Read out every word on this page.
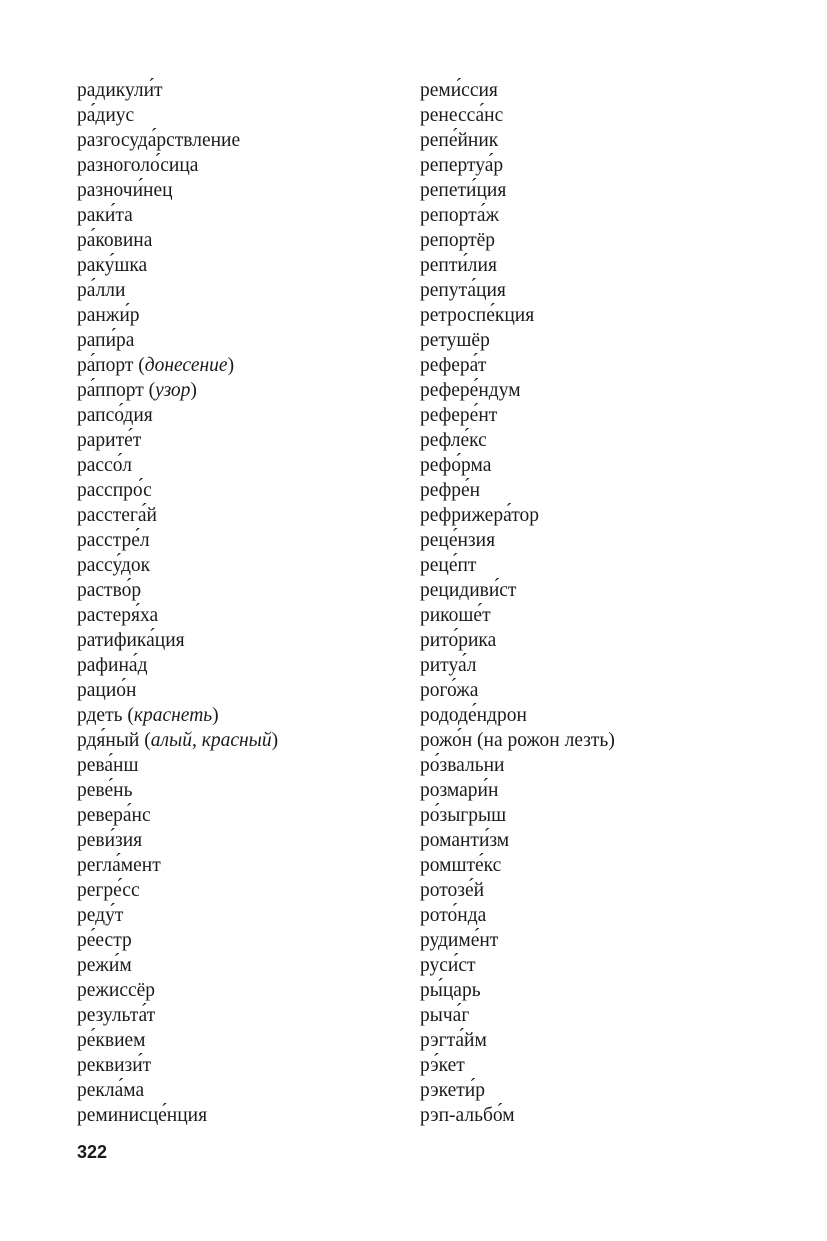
радикули́т
ра́диус
разгосуда́рствление
разноголо́сица
разночи́нец
раки́та
ра́ковина
раку́шка
ра́лли
ранжи́р
рапи́ра
ра́порт (донесение)
ра́ппорт (узор)
рапсо́дия
рарите́т
рассо́л
расспро́с
расстега́й
расстре́л
рассу́док
раство́р
растеря́ха
ратифика́ция
рафина́д
рацио́н
рдеть (краснеть)
рдя́ный (алый, красный)
рева́нш
реве́нь
ревера́нс
реви́зия
регла́мент
регре́сс
реду́т
ре́естр
режи́м
режиссёр
результа́т
ре́квием
реквизи́т
рекла́ма
реминисце́нция
реми́ссия
ренесса́нс
репе́йник
репертуа́р
репети́ция
репорта́ж
репортёр
репти́лия
репута́ция
ретроспе́кция
ретушёр
рефера́т
рефере́ндум
рефере́нт
рефле́кс
рефо́рма
рефре́н
рефрижера́тор
реце́нзия
реце́пт
рецидиви́ст
рикоше́т
рито́рика
ритуа́л
рого́жа
рододе́ндрон
рожо́н (на рожон лезть)
ро́звальни
розмари́н
ро́зыгрыш
романти́зм
ромште́кс
ротозе́й
рото́нда
рудиме́нт
руси́ст
ры́царь
рыча́г
рэгта́йм
рэ́кет
рэкети́р
рэп-альбо́м
322
